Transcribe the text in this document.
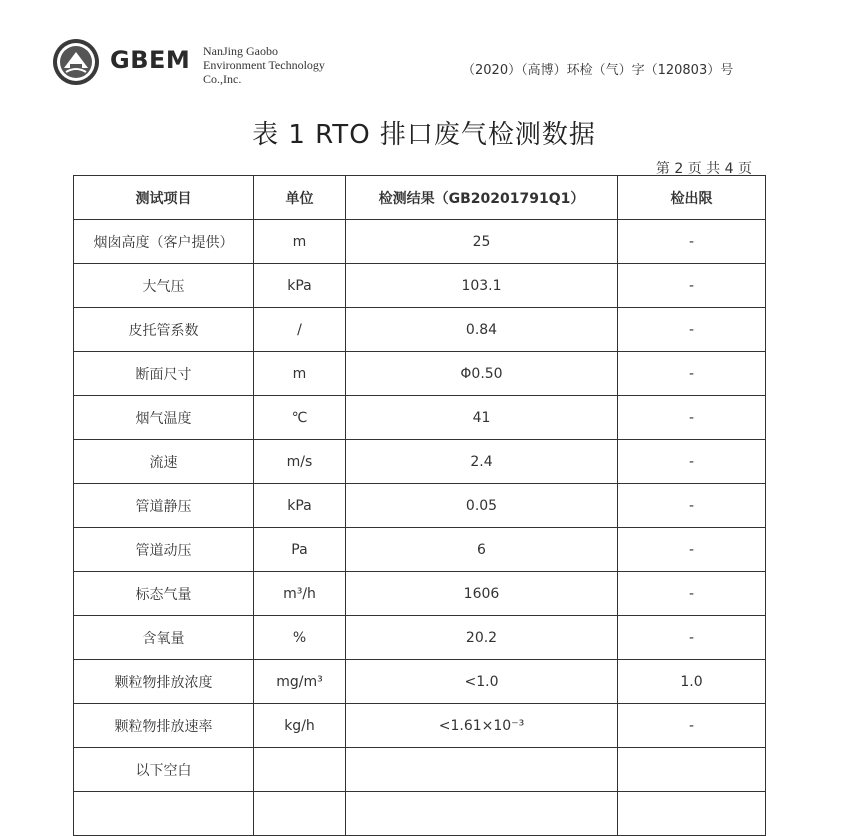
GBEM NanJing Gaobo
Environment Technology
Co.,Inc.
（2020）（高博）环检（气）字（120803）号
表 1 RTO 排口废气检测数据
第 2 页 共 4 页
测试项目	单位	检测结果（GB20201791Q1）	检出限
烟囱高度（客户提供）	m	25	-
大气压	kPa	103.1	-
皮托管系数	/	0.84	-
断面尺寸	m	Φ0.50	-
烟气温度	℃	41	-
流速	m/s	2.4	-
管道静压	kPa	0.05	-
管道动压	Pa	6	-
标态气量	m³/h	1606	-
含氧量	%	20.2	-
颗粒物排放浓度	mg/m³	<1.0	1.0
颗粒物排放速率	kg/h	<1.61×10⁻³	-
以下空白			
